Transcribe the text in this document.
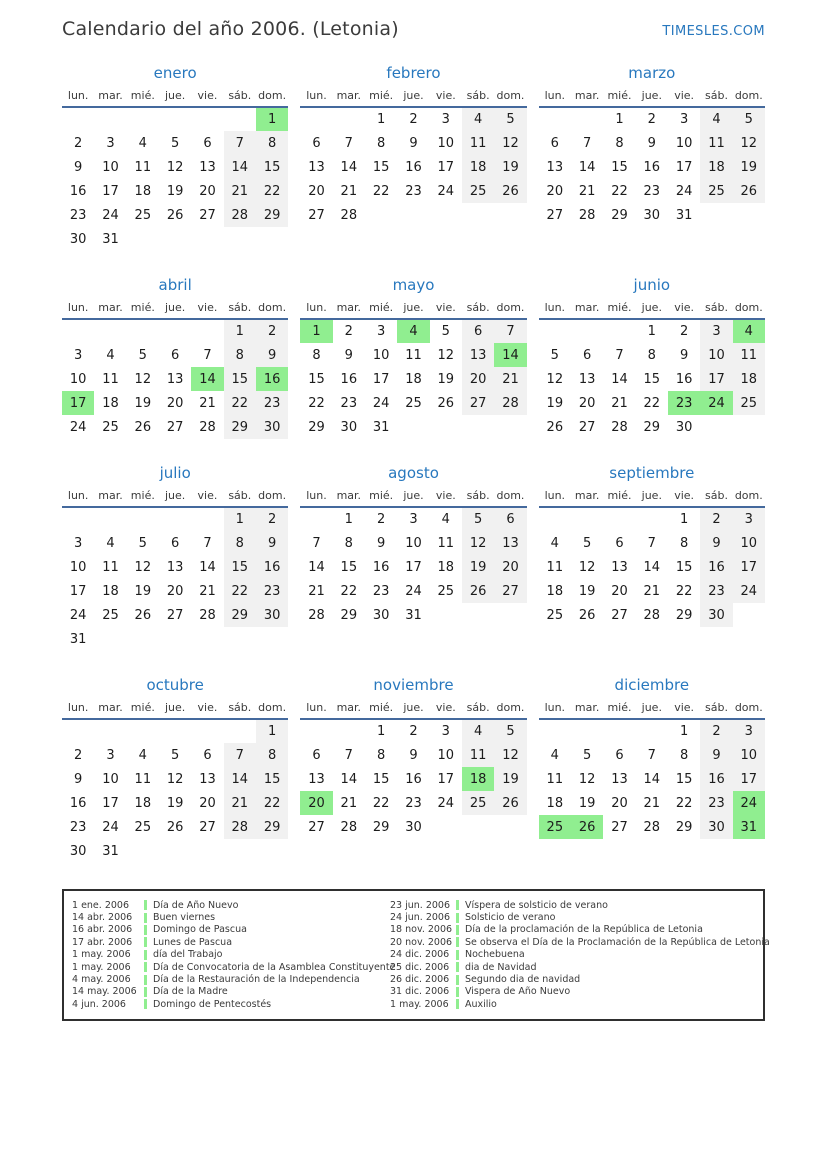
Calendario del año 2006. (Letonia)	TIMESLES.COM
enero
lun.	mar.	mié.	jue.	vie.	sáb.	dom.
						1
2	3	4	5	6	7	8
9	10	11	12	13	14	15
16	17	18	19	20	21	22
23	24	25	26	27	28	29
30	31					
febrero
lun.	mar.	mié.	jue.	vie.	sáb.	dom.
		1	2	3	4	5
6	7	8	9	10	11	12
13	14	15	16	17	18	19
20	21	22	23	24	25	26
27	28					
marzo
lun.	mar.	mié.	jue.	vie.	sáb.	dom.
		1	2	3	4	5
6	7	8	9	10	11	12
13	14	15	16	17	18	19
20	21	22	23	24	25	26
27	28	29	30	31		
abril
lun.	mar.	mié.	jue.	vie.	sáb.	dom.
					1	2
3	4	5	6	7	8	9
10	11	12	13	14	15	16
17	18	19	20	21	22	23
24	25	26	27	28	29	30
mayo
lun.	mar.	mié.	jue.	vie.	sáb.	dom.
1	2	3	4	5	6	7
8	9	10	11	12	13	14
15	16	17	18	19	20	21
22	23	24	25	26	27	28
29	30	31				
junio
lun.	mar.	mié.	jue.	vie.	sáb.	dom.
			1	2	3	4
5	6	7	8	9	10	11
12	13	14	15	16	17	18
19	20	21	22	23	24	25
26	27	28	29	30		
julio
lun.	mar.	mié.	jue.	vie.	sáb.	dom.
					1	2
3	4	5	6	7	8	9
10	11	12	13	14	15	16
17	18	19	20	21	22	23
24	25	26	27	28	29	30
31						
agosto
lun.	mar.	mié.	jue.	vie.	sáb.	dom.
	1	2	3	4	5	6
7	8	9	10	11	12	13
14	15	16	17	18	19	20
21	22	23	24	25	26	27
28	29	30	31			
septiembre
lun.	mar.	mié.	jue.	vie.	sáb.	dom.
				1	2	3
4	5	6	7	8	9	10
11	12	13	14	15	16	17
18	19	20	21	22	23	24
25	26	27	28	29	30	
octubre
lun.	mar.	mié.	jue.	vie.	sáb.	dom.
						1
2	3	4	5	6	7	8
9	10	11	12	13	14	15
16	17	18	19	20	21	22
23	24	25	26	27	28	29
30	31					
noviembre
lun.	mar.	mié.	jue.	vie.	sáb.	dom.
		1	2	3	4	5
6	7	8	9	10	11	12
13	14	15	16	17	18	19
20	21	22	23	24	25	26
27	28	29	30			
diciembre
lun.	mar.	mié.	jue.	vie.	sáb.	dom.
				1	2	3
4	5	6	7	8	9	10
11	12	13	14	15	16	17
18	19	20	21	22	23	24
25	26	27	28	29	30	31
1 ene. 2006	Día de Año Nuevo
14 abr. 2006	Buen viernes
16 abr. 2006	Domingo de Pascua
17 abr. 2006	Lunes de Pascua
1 may. 2006	día del Trabajo
1 may. 2006	Día de Convocatoria de la Asamblea Constituyente
4 may. 2006	Día de la Restauración de la Independencia
14 may. 2006	Día de la Madre
4 jun. 2006	Domingo de Pentecostés
23 jun. 2006	Víspera de solsticio de verano
24 jun. 2006	Solsticio de verano
18 nov. 2006 Día de la proclamación de la República de Letonia
20 nov. 2006 Se observa el Día de la Proclamación de la República de Letonia
24 dic. 2006	Nochebuena
25 dic. 2006	dia de Navidad
26 dic. 2006	Segundo dia de navidad
31 dic. 2006	Vispera de Año Nuevo
1 may. 2006	Auxilio
